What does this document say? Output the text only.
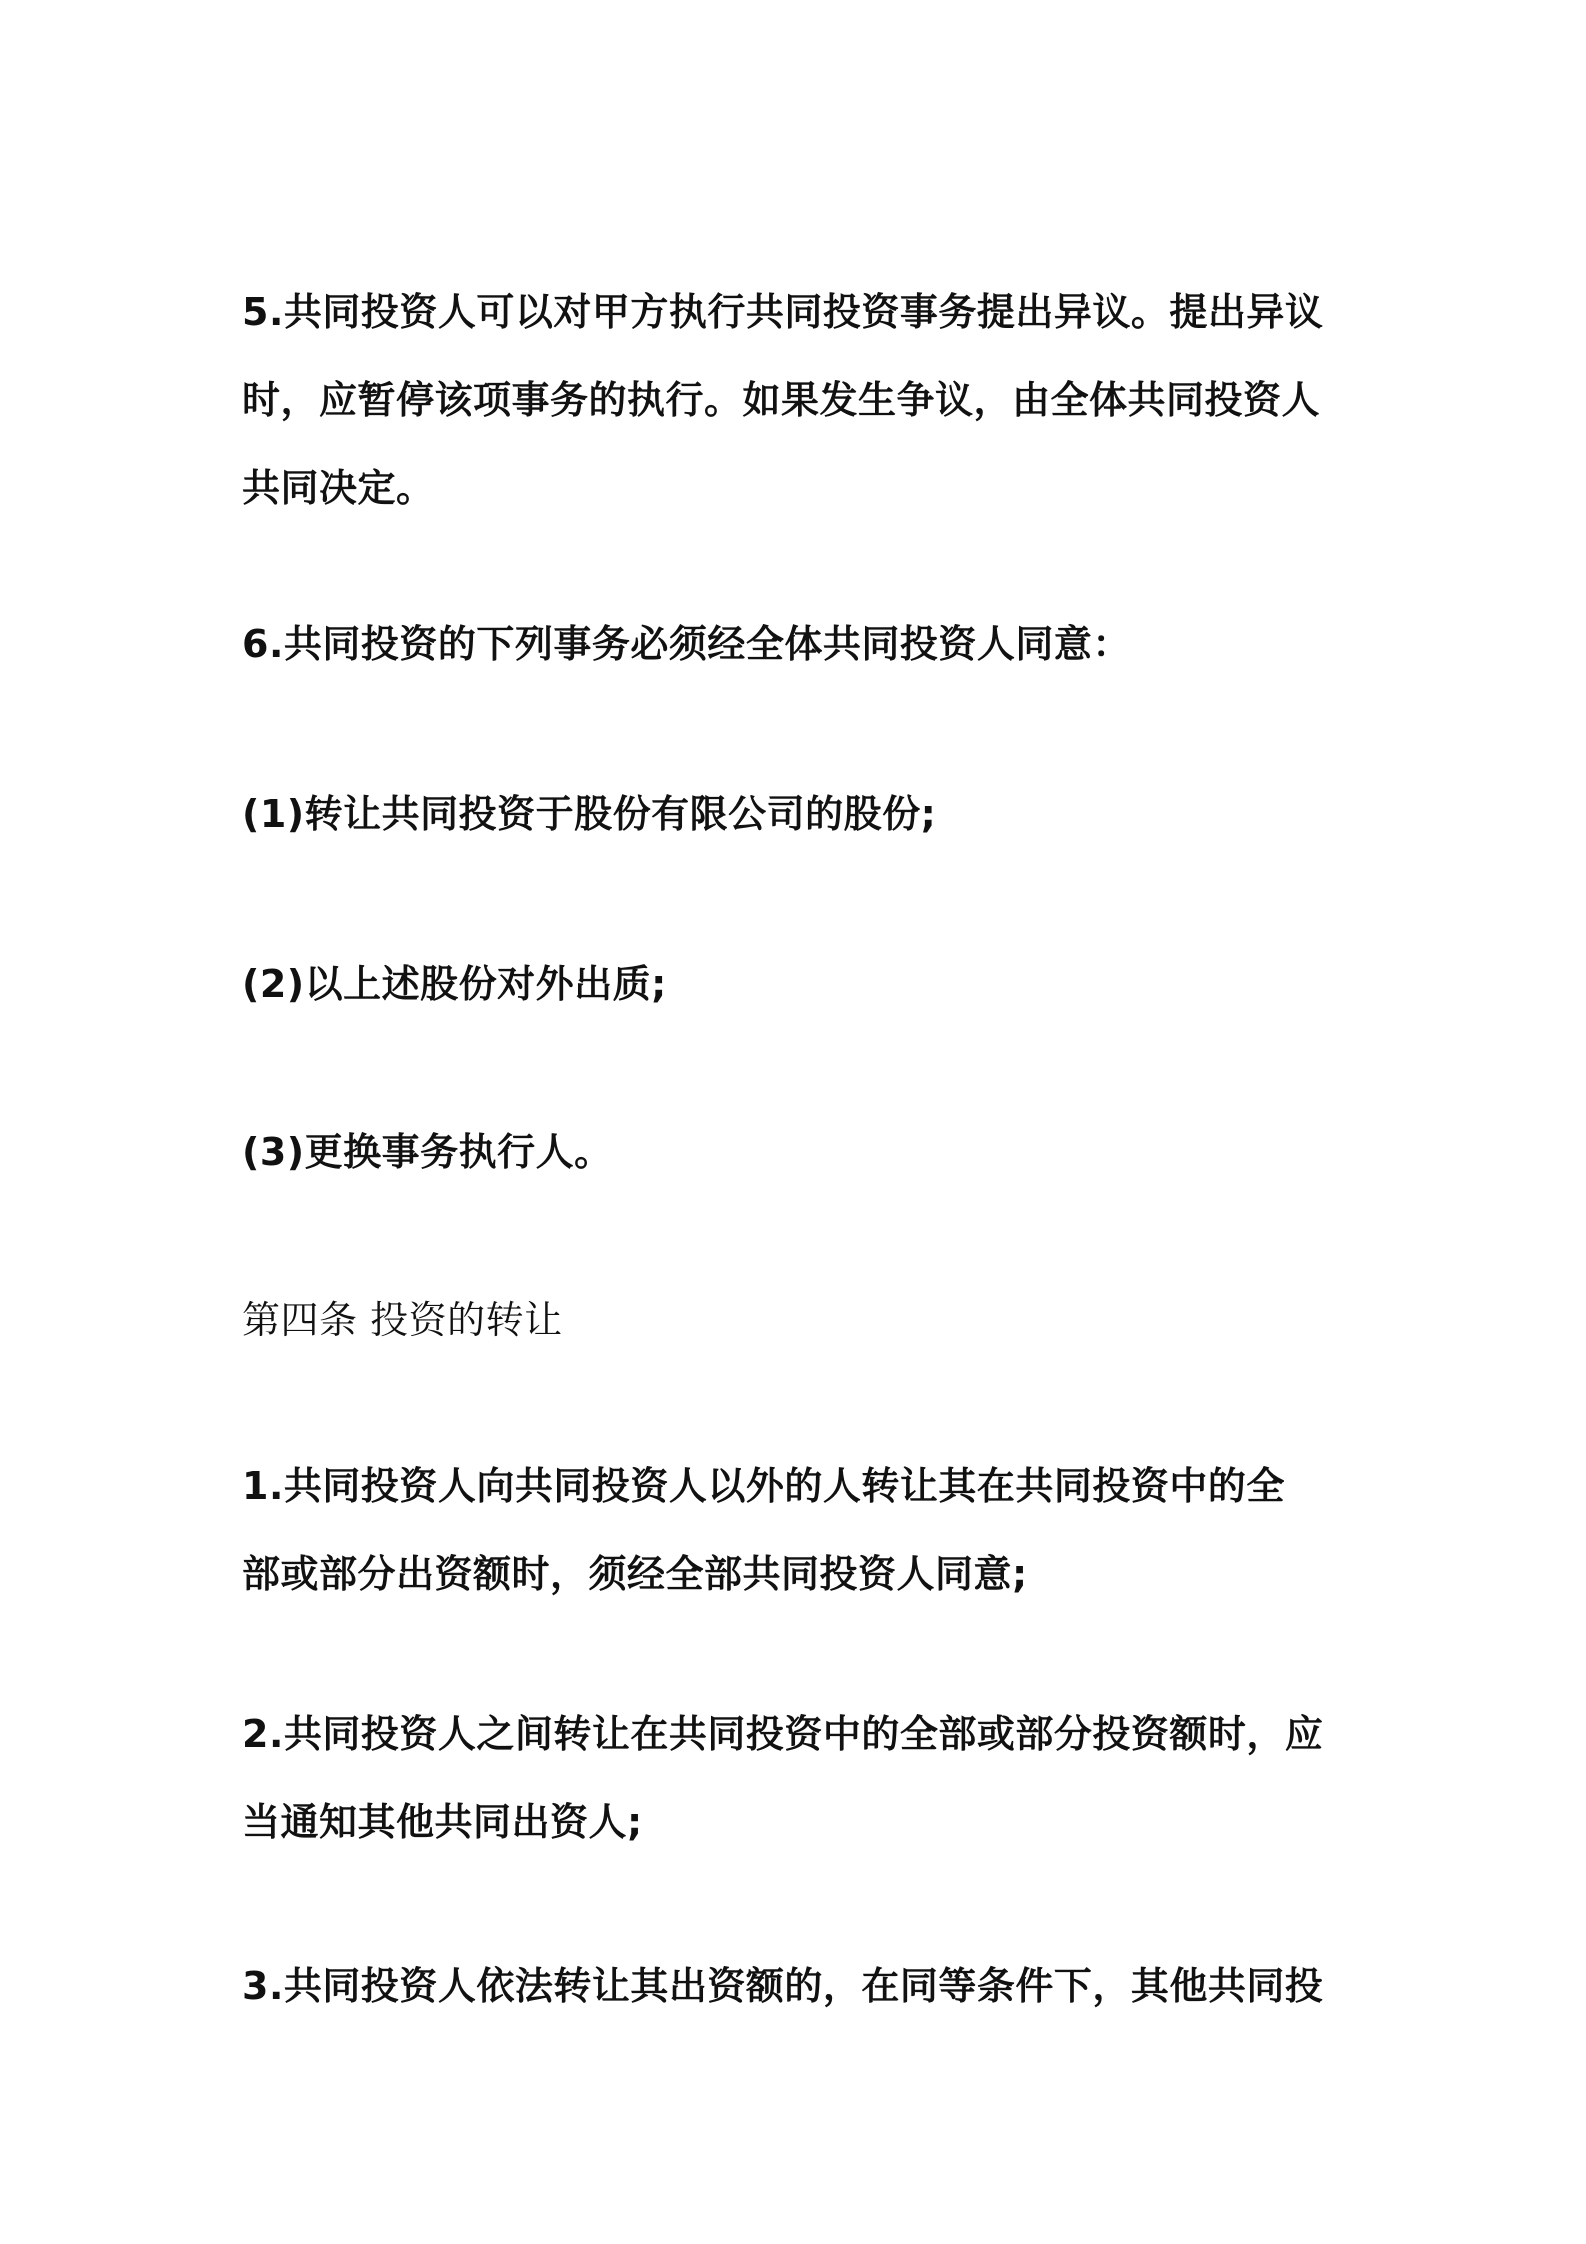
5.共同投资人可以对甲方执行共同投资事务提出异议。提出异议
时，应暂停该项事务的执行。如果发生争议，由全体共同投资人
共同决定。
6.共同投资的下列事务必须经全体共同投资人同意：
(1)转让共同投资于股份有限公司的股份;
(2)以上述股份对外出质;
(3)更换事务执行人。
第四条 投资的转让
1.共同投资人向共同投资人以外的人转让其在共同投资中的全
部或部分出资额时，须经全部共同投资人同意;
2.共同投资人之间转让在共同投资中的全部或部分投资额时，应
当通知其他共同出资人;
3.共同投资人依法转让其出资额的，在同等条件下，其他共同投
